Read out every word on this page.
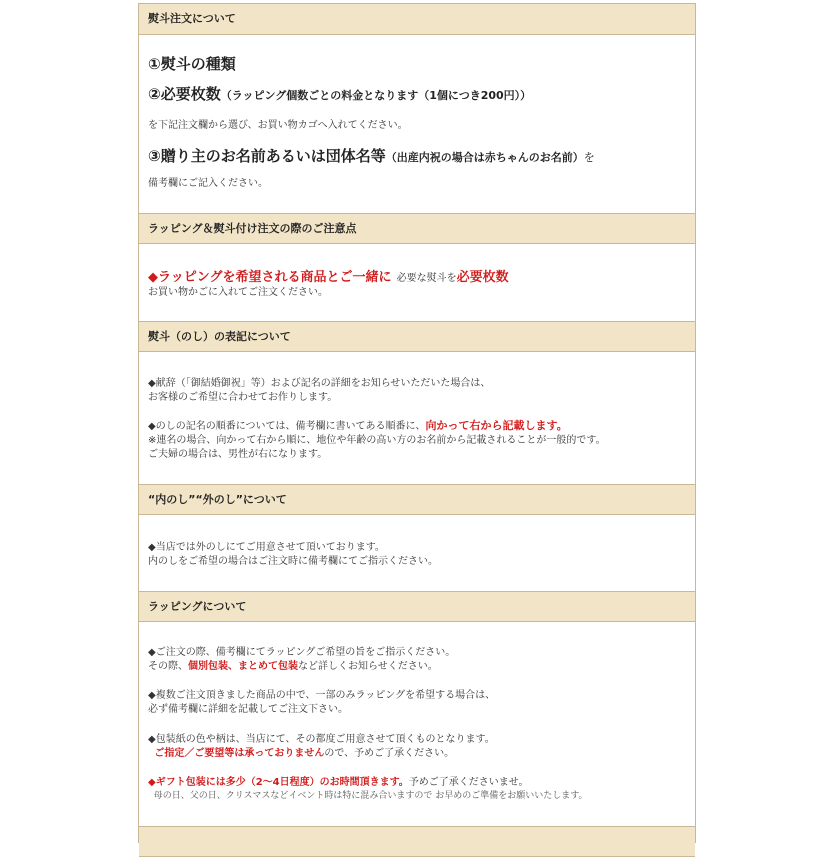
熨斗注文について

①熨斗の種類

②必要枚数（ラッピング個数ごとの料金となります（1個につき200円））

を下記注文欄から選び、お買い物カゴへ入れてください。

③贈り主のお名前あるいは団体名等（出産内祝の場合は赤ちゃんのお名前）を

備考欄にご記入ください。

ラッピング＆熨斗付け注文の際のご注意点

◆ラッピングを希望される商品とご一緒に 必要な熨斗を必要枚数

お買い物かごに入れてご注文ください。

熨斗（のし）の表記について

◆献辞（「御結婚御祝」等）および記名の詳細をお知らせいただいた場合は、

お客様のご希望に合わせてお作りします。

◆のしの記名の順番については、備考欄に書いてある順番に、向かって右から記載します。

※連名の場合、向かって右から順に、地位や年齢の高い方のお名前から記載されることが一般的です。

ご夫婦の場合は、男性が右になります。

“内のし”“外のし”について

◆当店では外のしにてご用意させて頂いております。

内のしをご希望の場合はご注文時に備考欄にてご指示ください。

ラッピングについて

◆ご注文の際、備考欄にてラッピングご希望の旨をご指示ください。

その際、個別包装、まとめて包装など詳しくお知らせください。

◆複数ご注文頂きました商品の中で、一部のみラッピングを希望する場合は、

必ず備考欄に詳細を記載してご注文下さい。

◆包装紙の色や柄は、当店にて、その都度ご用意させて頂くものとなります。

ご指定／ご要望等は承っておりませんので、予めご了承ください。

◆ギフト包装には多少（2〜4日程度）のお時間頂きます。予めご了承くださいませ。

母の日、父の日、クリスマスなどイベント時は特に混み合いますので お早めのご準備をお願いいたします。
